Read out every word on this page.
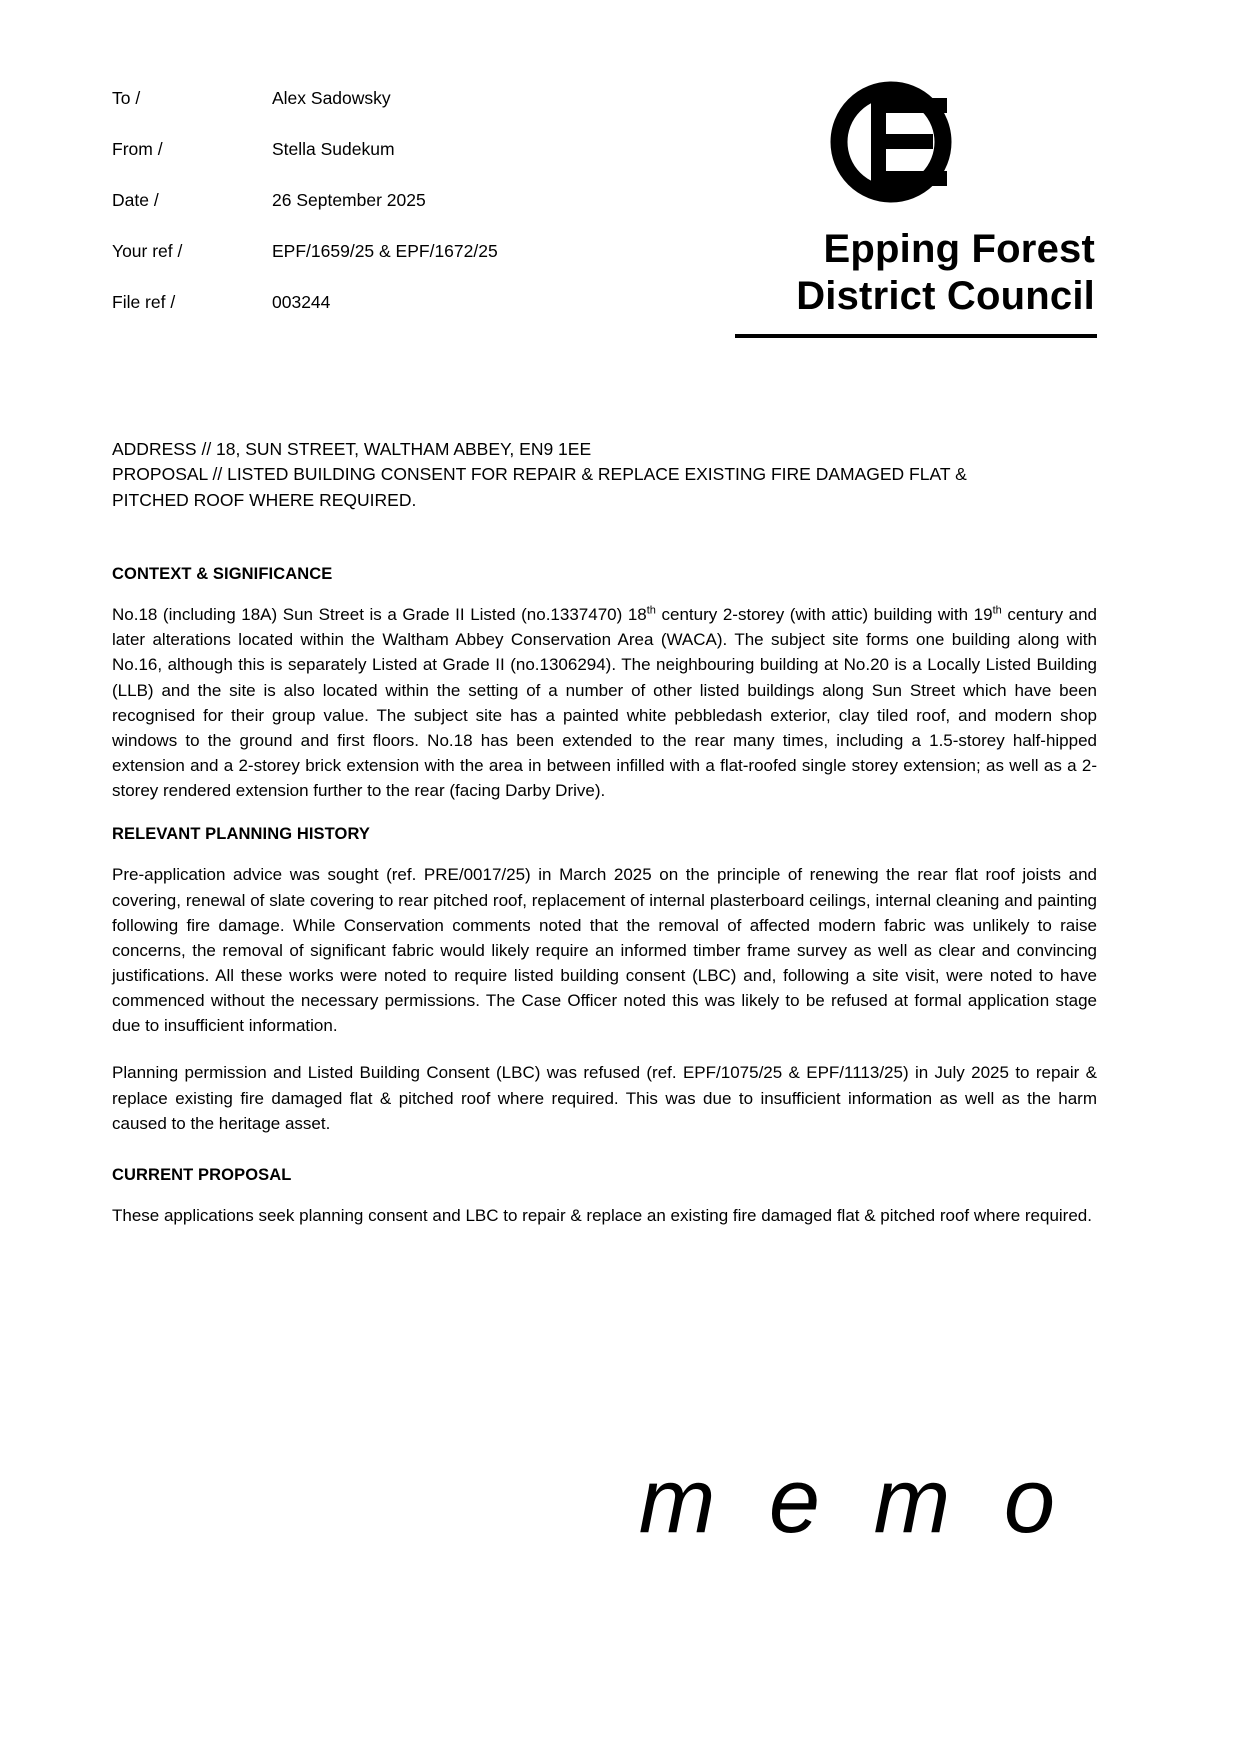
To /	Alex Sadowsky
From /	Stella Sudekum
Date /	26 September 2025
Your ref /	EPF/1659/25 & EPF/1672/25
File ref /	003244
Epping Forest
District Council
ADDRESS // 18, SUN STREET, WALTHAM ABBEY, EN9 1EE
PROPOSAL // LISTED BUILDING CONSENT FOR REPAIR & REPLACE EXISTING FIRE DAMAGED FLAT &
PITCHED ROOF WHERE REQUIRED.
CONTEXT & SIGNIFICANCE

No.18 (including 18A) Sun Street is a Grade II Listed (no.1337470) 18th century 2-storey (with attic) building with 19th century and later alterations located within the Waltham Abbey Conservation Area (WACA). The subject site forms one building along with No.16, although this is separately Listed at Grade II (no.1306294). The neighbouring building at No.20 is a Locally Listed Building (LLB) and the site is also located within the setting of a number of other listed buildings along Sun Street which have been recognised for their group value. The subject site has a painted white pebbledash exterior, clay tiled roof, and modern shop windows to the ground and first floors. No.18 has been extended to the rear many times, including a 1.5-storey half-hipped extension and a 2-storey brick extension with the area in between infilled with a flat-roofed single storey extension; as well as a 2-storey rendered extension further to the rear (facing Darby Drive).

RELEVANT PLANNING HISTORY

Pre-application advice was sought (ref. PRE/0017/25) in March 2025 on the principle of renewing the rear flat roof joists and covering, renewal of slate covering to rear pitched roof, replacement of internal plasterboard ceilings, internal cleaning and painting following fire damage. While Conservation comments noted that the removal of affected modern fabric was unlikely to raise concerns, the removal of significant fabric would likely require an informed timber frame survey as well as clear and convincing justifications. All these works were noted to require listed building consent (LBC) and, following a site visit, were noted to have commenced without the necessary permissions. The Case Officer noted this was likely to be refused at formal application stage due to insufficient information.

Planning permission and Listed Building Consent (LBC) was refused (ref. EPF/1075/25 & EPF/1113/25) in July 2025 to repair & replace existing fire damaged flat & pitched roof where required. This was due to insufficient information as well as the harm caused to the heritage asset.

CURRENT PROPOSAL

These applications seek planning consent and LBC to repair & replace an existing fire damaged flat & pitched roof where required.

m e m o
